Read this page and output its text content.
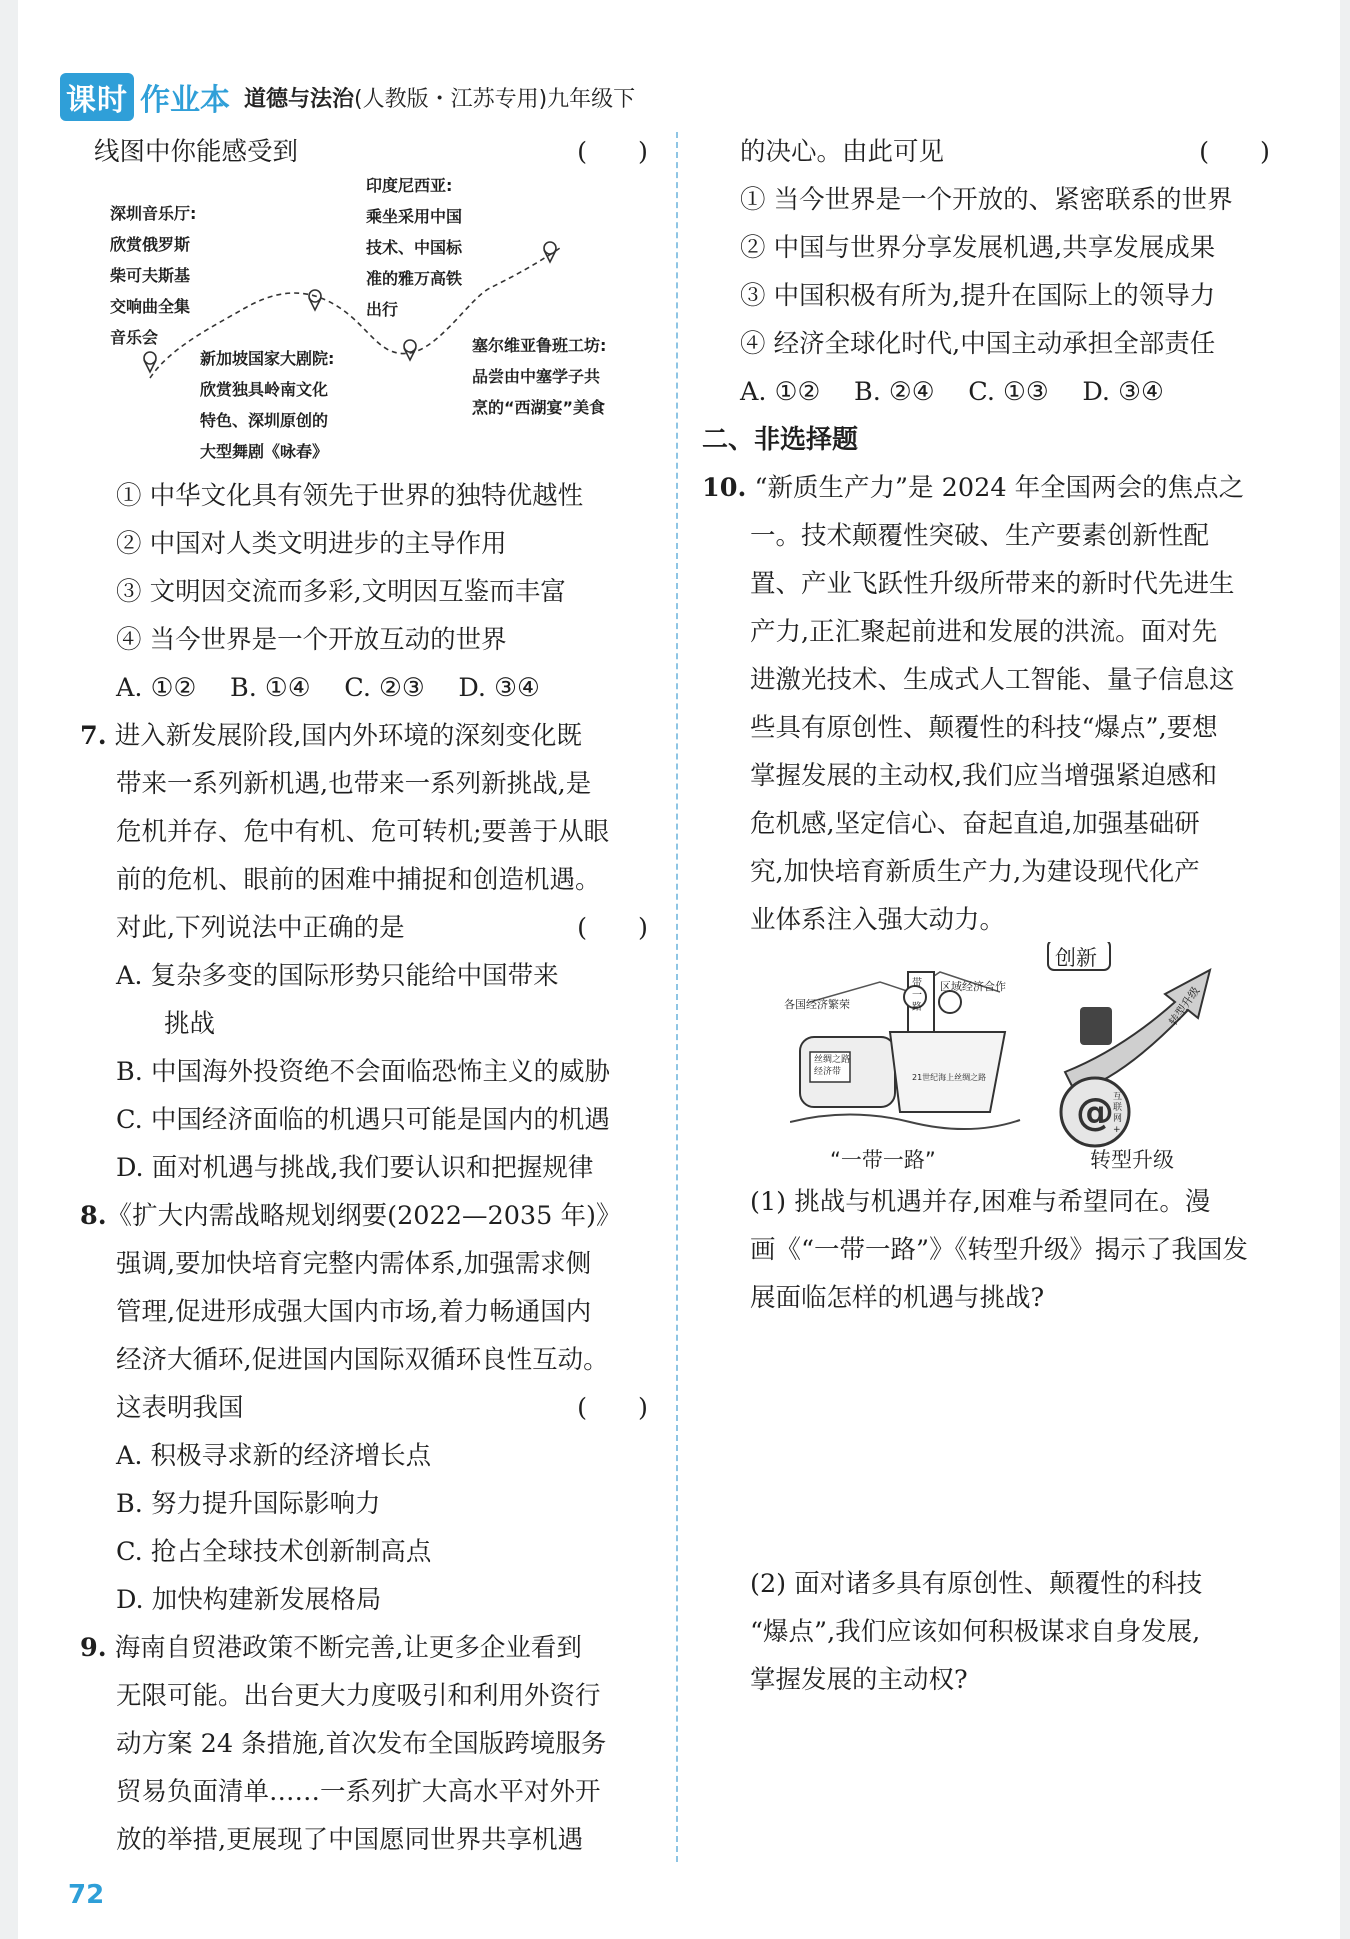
课时 作业本 道德与法治(人教版・江苏专用)九年级下
线图中你能感受到	(　　)
深圳音乐厅:
欣赏俄罗斯
柴可夫斯基
交响曲全集
音乐会
印度尼西亚:
乘坐采用中国
技术、中国标
准的雅万高铁
出行
新加坡国家大剧院:
欣赏独具岭南文化
特色、深圳原创的
大型舞剧《咏春》
塞尔维亚鲁班工坊:
品尝由中塞学子共
烹的“西湖宴”美食
① 中华文化具有领先于世界的独特优越性
② 中国对人类文明进步的主导作用
③ 文明因交流而多彩,文明因互鉴而丰富
④ 当今世界是一个开放互动的世界
A. ①②　 B. ①④　 C. ②③　 D. ③④
7. 进入新发展阶段,国内外环境的深刻变化既
带来一系列新机遇,也带来一系列新挑战,是
危机并存、危中有机、危可转机;要善于从眼
前的危机、眼前的困难中捕捉和创造机遇。
对此,下列说法中正确的是	(　　)
A. 复杂多变的国际形势只能给中国带来
挑战
B. 中国海外投资绝不会面临恐怖主义的威胁
C. 中国经济面临的机遇只可能是国内的机遇
D. 面对机遇与挑战,我们要认识和把握规律
8.《扩大内需战略规划纲要(2022—2035 年)》
强调,要加快培育完整内需体系,加强需求侧
管理,促进形成强大国内市场,着力畅通国内
经济大循环,促进国内国际双循环良性互动。
这表明我国	(　　)
A. 积极寻求新的经济增长点
B. 努力提升国际影响力
C. 抢占全球技术创新制高点
D. 加快构建新发展格局
9. 海南自贸港政策不断完善,让更多企业看到
无限可能。出台更大力度吸引和利用外资行
动方案 24 条措施,首次发布全国版跨境服务
贸易负面清单……一系列扩大高水平对外开
放的举措,更展现了中国愿同世界共享机遇
的决心。由此可见	(　　)
① 当今世界是一个开放的、紧密联系的世界
② 中国与世界分享发展机遇,共享发展成果
③ 中国积极有所为,提升在国际上的领导力
④ 经济全球化时代,中国主动承担全部责任
A. ①②　 B. ②④　 C. ①③　 D. ③④
二、非选择题
10. “新质生产力”是 2024 年全国两会的焦点之
一。技术颠覆性突破、生产要素创新性配
置、产业飞跃性升级所带来的新时代先进生
产力,正汇聚起前进和发展的洪流。面对先
进激光技术、生成式人工智能、量子信息这
些具有原创性、颠覆性的科技“爆点”,要想
掌握发展的主动权,我们应当增强紧迫感和
危机感,坚定信心、奋起直追,加强基础研
究,加快培育新质生产力,为建设现代化产
业体系注入强大动力。
@
各国经济繁荣
区域经济合作
带一路
丝绸之路经济带
21世纪海上丝绸之路
创新
转型升级
互联网+
“一带一路”	转型升级
(1) 挑战与机遇并存,困难与希望同在。漫
画《“一带一路”》《转型升级》揭示了我国发
展面临怎样的机遇与挑战?
(2) 面对诸多具有原创性、颠覆性的科技
“爆点”,我们应该如何积极谋求自身发展,
掌握发展的主动权?
72
